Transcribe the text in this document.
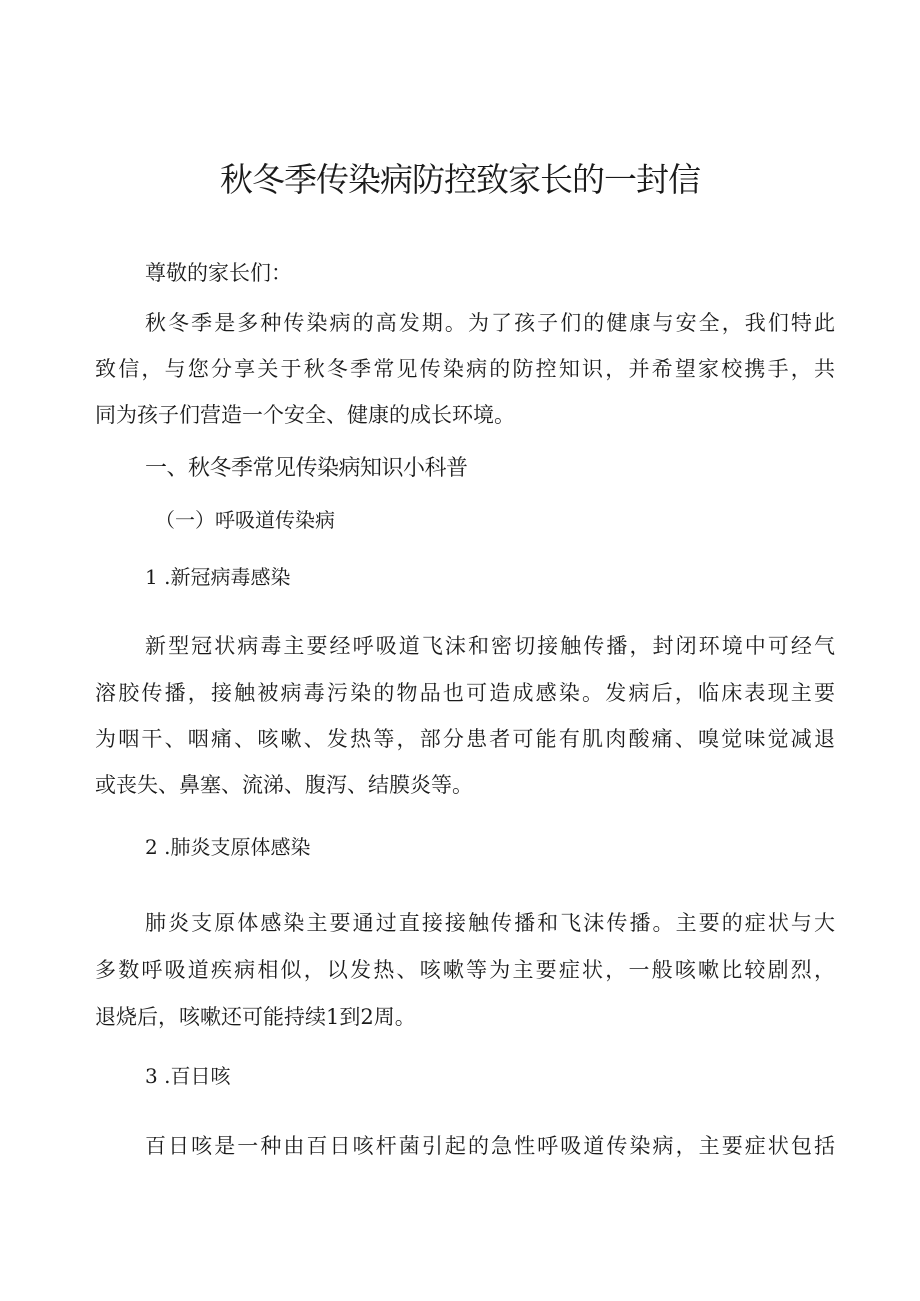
秋冬季传染病防控致家长的一封信
尊敬的家长们：
秋冬季是多种传染病的高发期。为了孩子们的健康与安全，我们特此
致信，与您分享关于秋冬季常见传染病的防控知识，并希望家校携手，共
同为孩子们营造一个安全、健康的成长环境。
一、秋冬季常见传染病知识小科普
（一）呼吸道传染病
1 .新冠病毒感染
新型冠状病毒主要经呼吸道飞沫和密切接触传播，封闭环境中可经气
溶胶传播，接触被病毒污染的物品也可造成感染。发病后，临床表现主要
为咽干、咽痛、咳嗽、发热等，部分患者可能有肌肉酸痛、嗅觉味觉减退
或丧失、鼻塞、流涕、腹泻、结膜炎等。
2 .肺炎支原体感染
肺炎支原体感染主要通过直接接触传播和飞沫传播。主要的症状与大
多数呼吸道疾病相似，以发热、咳嗽等为主要症状，一般咳嗽比较剧烈，
退烧后，咳嗽还可能持续1到2周。
3 .百日咳
百日咳是一种由百日咳杆菌引起的急性呼吸道传染病，主要症状包括
